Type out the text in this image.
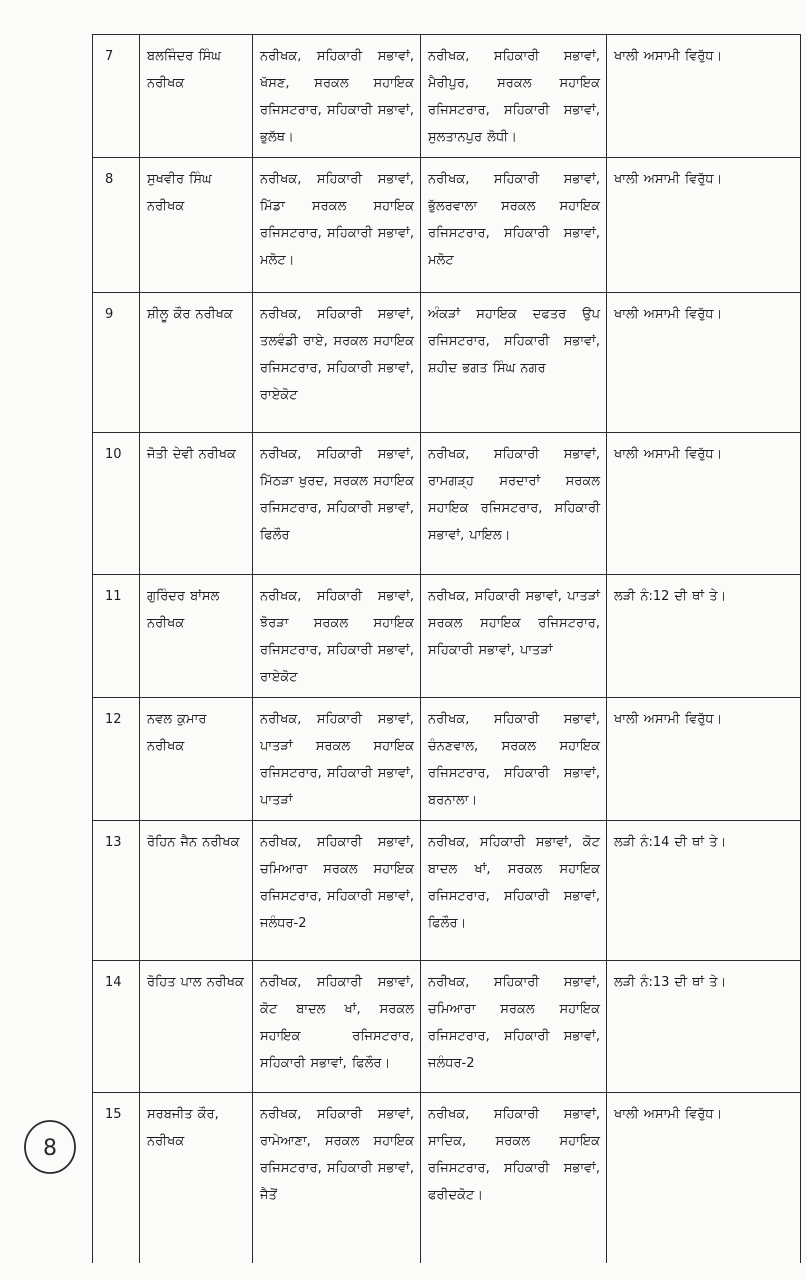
7	ਬਲਜਿੰਦਰ ਸਿੰਘ ਨਰੀਖਕ	ਨਰੀਖਕ, ਸਹਿਕਾਰੀ ਸਭਾਵਾਂ, ਖੱਸਣ, ਸਰਕਲ ਸਹਾਇਕ ਰਜਿਸਟਰਾਰ, ਸਹਿਕਾਰੀ ਸਭਾਵਾਂ, ਭੁਲੱਥ।	ਨਰੀਖਕ, ਸਹਿਕਾਰੀ ਸਭਾਵਾਂ, ਮੈਰੀਪੁਰ, ਸਰਕਲ ਸਹਾਇਕ ਰਜਿਸਟਰਾਰ, ਸਹਿਕਾਰੀ ਸਭਾਵਾਂ, ਸੁਲਤਾਨਪੁਰ ਲੋਧੀ।	ਖਾਲੀ ਅਸਾਮੀ ਵਿਰੁੱਧ।
8	ਸੁਖਵੀਰ ਸਿੰਘ ਨਰੀਖਕ	ਨਰੀਖਕ, ਸਹਿਕਾਰੀ ਸਭਾਵਾਂ, ਮਿੱਡਾ ਸਰਕਲ ਸਹਾਇਕ ਰਜਿਸਟਰਾਰ, ਸਹਿਕਾਰੀ ਸਭਾਵਾਂ, ਮਲੋਟ।	ਨਰੀਖਕ, ਸਹਿਕਾਰੀ ਸਭਾਵਾਂ, ਭੁੱਲਰਵਾਲਾ ਸਰਕਲ ਸਹਾਇਕ ਰਜਿਸਟਰਾਰ, ਸਹਿਕਾਰੀ ਸਭਾਵਾਂ, ਮਲੋਟ	ਖਾਲੀ ਅਸਾਮੀ ਵਿਰੁੱਧ।
9	ਸ਼ੀਲੂ ਕੌਰ ਨਰੀਖਕ	ਨਰੀਖਕ, ਸਹਿਕਾਰੀ ਸਭਾਵਾਂ, ਤਲਵੰਡੀ ਰਾਏ, ਸਰਕਲ ਸਹਾਇਕ ਰਜਿਸਟਰਾਰ, ਸਹਿਕਾਰੀ ਸਭਾਵਾਂ, ਰਾਏਕੋਟ	ਅੰਕੜਾਂ ਸਹਾਇਕ ਦਫਤਰ ਉਪ ਰਜਿਸਟਰਾਰ, ਸਹਿਕਾਰੀ ਸਭਾਵਾਂ, ਸ਼ਹੀਦ ਭਗਤ ਸਿੰਘ ਨਗਰ	ਖਾਲੀ ਅਸਾਮੀ ਵਿਰੁੱਧ।
10	ਜੋਤੀ ਦੇਵੀ ਨਰੀਖਕ	ਨਰੀਖਕ, ਸਹਿਕਾਰੀ ਸਭਾਵਾਂ, ਮਿੱਠੜਾ ਖੁਰਦ, ਸਰਕਲ ਸਹਾਇਕ ਰਜਿਸਟਰਾਰ, ਸਹਿਕਾਰੀ ਸਭਾਵਾਂ, ਫਿਲੌਰ	ਨਰੀਖਕ, ਸਹਿਕਾਰੀ ਸਭਾਵਾਂ, ਰਾਮਗੜ੍ਹ ਸਰਦਾਰਾਂ ਸਰਕਲ ਸਹਾਇਕ ਰਜਿਸਟਰਾਰ, ਸਹਿਕਾਰੀ ਸਭਾਵਾਂ, ਪਾਇਲ।	ਖਾਲੀ ਅਸਾਮੀ ਵਿਰੁੱਧ।
11	ਗੁਰਿੰਦਰ ਬਾਂਸਲ ਨਰੀਖਕ	ਨਰੀਖਕ, ਸਹਿਕਾਰੀ ਸਭਾਵਾਂ, ਝੋਰੜਾ ਸਰਕਲ ਸਹਾਇਕ ਰਜਿਸਟਰਾਰ, ਸਹਿਕਾਰੀ ਸਭਾਵਾਂ, ਰਾਏਕੋਟ	ਨਰੀਖਕ, ਸਹਿਕਾਰੀ ਸਭਾਵਾਂ, ਪਾਤੜਾਂ ਸਰਕਲ ਸਹਾਇਕ ਰਜਿਸਟਰਾਰ, ਸਹਿਕਾਰੀ ਸਭਾਵਾਂ, ਪਾਤੜਾਂ	ਲੜੀ ਨੰ:12 ਦੀ ਥਾਂ ਤੇ।
12	ਨਵਲ ਕੁਮਾਰ ਨਰੀਖਕ	ਨਰੀਖਕ, ਸਹਿਕਾਰੀ ਸਭਾਵਾਂ, ਪਾਤੜਾਂ ਸਰਕਲ ਸਹਾਇਕ ਰਜਿਸਟਰਾਰ, ਸਹਿਕਾਰੀ ਸਭਾਵਾਂ, ਪਾਤੜਾਂ	ਨਰੀਖਕ, ਸਹਿਕਾਰੀ ਸਭਾਵਾਂ, ਚੰਨਣਵਾਲ, ਸਰਕਲ ਸਹਾਇਕ ਰਜਿਸਟਰਾਰ, ਸਹਿਕਾਰੀ ਸਭਾਵਾਂ, ਬਰਨਾਲਾ।	ਖਾਲੀ ਅਸਾਮੀ ਵਿਰੁੱਧ।
13	ਰੋਹਿਨ ਜੈਨ ਨਰੀਖਕ	ਨਰੀਖਕ, ਸਹਿਕਾਰੀ ਸਭਾਵਾਂ, ਚਮਿਆਰਾ ਸਰਕਲ ਸਹਾਇਕ ਰਜਿਸਟਰਾਰ, ਸਹਿਕਾਰੀ ਸਭਾਵਾਂ, ਜਲੰਧਰ-2	ਨਰੀਖਕ, ਸਹਿਕਾਰੀ ਸਭਾਵਾਂ, ਕੋਟ ਬਾਦਲ ਖਾਂ, ਸਰਕਲ ਸਹਾਇਕ ਰਜਿਸਟਰਾਰ, ਸਹਿਕਾਰੀ ਸਭਾਵਾਂ, ਫਿਲੌਰ।	ਲੜੀ ਨੰ:14 ਦੀ ਥਾਂ ਤੇ।
14	ਰੋਹਿਤ ਪਾਲ ਨਰੀਖਕ	ਨਰੀਖਕ, ਸਹਿਕਾਰੀ ਸਭਾਵਾਂ, ਕੋਟ ਬਾਦਲ ਖਾਂ, ਸਰਕਲ ਸਹਾਇਕ ਰਜਿਸਟਰਾਰ, ਸਹਿਕਾਰੀ ਸਭਾਵਾਂ, ਫਿਲੌਰ।	ਨਰੀਖਕ, ਸਹਿਕਾਰੀ ਸਭਾਵਾਂ, ਚਮਿਆਰਾ ਸਰਕਲ ਸਹਾਇਕ ਰਜਿਸਟਰਾਰ, ਸਹਿਕਾਰੀ ਸਭਾਵਾਂ, ਜਲੰਧਰ-2	ਲੜੀ ਨੰ:13 ਦੀ ਥਾਂ ਤੇ।
15	ਸਰਬਜੀਤ ਕੌਰ, ਨਰੀਖਕ	ਨਰੀਖਕ, ਸਹਿਕਾਰੀ ਸਭਾਵਾਂ, ਰਾਮੇਆਣਾ, ਸਰਕਲ ਸਹਾਇਕ ਰਜਿਸਟਰਾਰ, ਸਹਿਕਾਰੀ ਸਭਾਵਾਂ, ਜੈਤੋਂ	ਨਰੀਖਕ, ਸਹਿਕਾਰੀ ਸਭਾਵਾਂ, ਸਾਦਿਕ, ਸਰਕਲ ਸਹਾਇਕ ਰਜਿਸਟਰਾਰ, ਸਹਿਕਾਰੀ ਸਭਾਵਾਂ, ਫਰੀਦਕੋਟ।	ਖਾਲੀ ਅਸਾਮੀ ਵਿਰੁੱਧ।
8
